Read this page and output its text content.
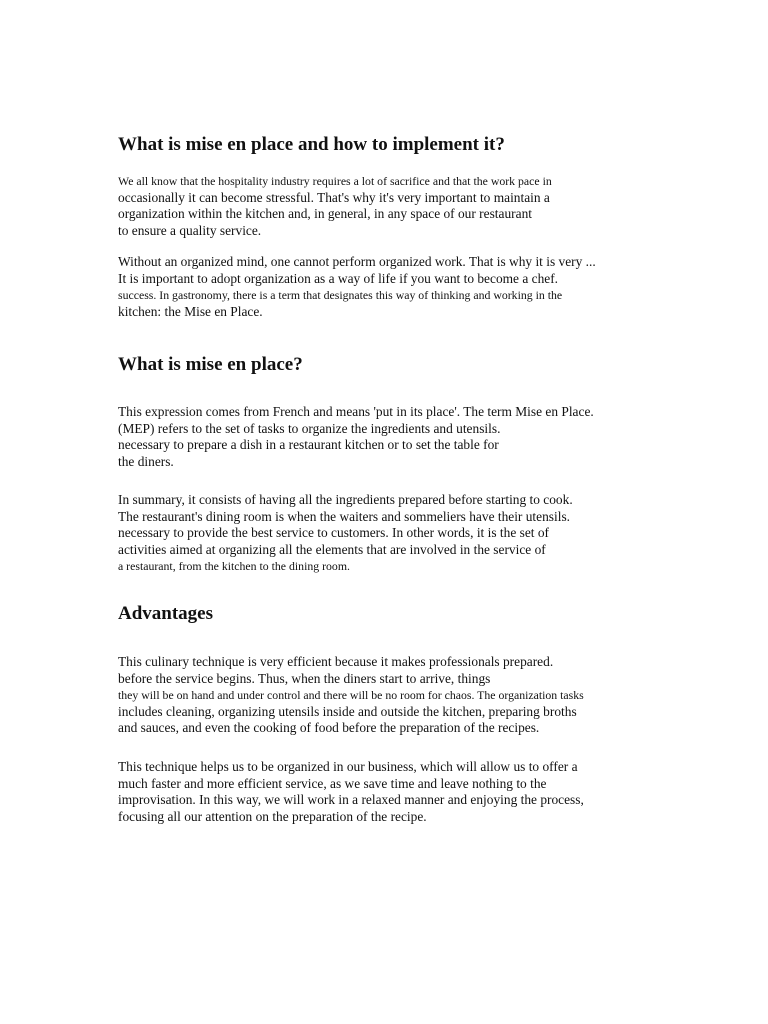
What is mise en place and how to implement it?
We all know that the hospitality industry requires a lot of sacrifice and that the work pace in
occasionally it can become stressful. That's why it's very important to maintain a
organization within the kitchen and, in general, in any space of our restaurant
to ensure a quality service.
Without an organized mind, one cannot perform organized work. That is why it is very ...
It is important to adopt organization as a way of life if you want to become a chef.
success. In gastronomy, there is a term that designates this way of thinking and working in the
kitchen: the Mise en Place.
What is mise en place?
This expression comes from French and means 'put in its place'. The term Mise en Place.
(MEP) refers to the set of tasks to organize the ingredients and utensils.
necessary to prepare a dish in a restaurant kitchen or to set the table for
the diners.
In summary, it consists of having all the ingredients prepared before starting to cook.
The restaurant's dining room is when the waiters and sommeliers have their utensils.
necessary to provide the best service to customers. In other words, it is the set of
activities aimed at organizing all the elements that are involved in the service of
a restaurant, from the kitchen to the dining room.
Advantages
This culinary technique is very efficient because it makes professionals prepared.
before the service begins. Thus, when the diners start to arrive, things
they will be on hand and under control and there will be no room for chaos. The organization tasks
includes cleaning, organizing utensils inside and outside the kitchen, preparing broths
and sauces, and even the cooking of food before the preparation of the recipes.
This technique helps us to be organized in our business, which will allow us to offer a
much faster and more efficient service, as we save time and leave nothing to the
improvisation. In this way, we will work in a relaxed manner and enjoying the process,
focusing all our attention on the preparation of the recipe.
